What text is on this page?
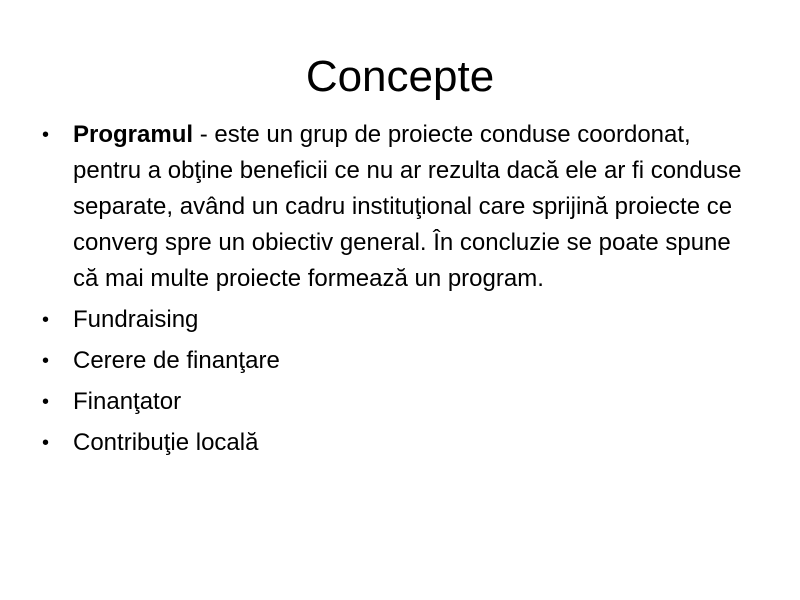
Concepte
• Programul - este un grup de proiecte conduse coordonat, pentru a obţine beneficii ce nu ar rezulta dacă ele ar fi conduse separate, având un cadru instituţional care sprijină proiecte ce converg spre un obiectiv general. În concluzie se poate spune că mai multe proiecte formează un program.
• Fundraising
• Cerere de finanţare
• Finanţator
• Contribuţie locală
